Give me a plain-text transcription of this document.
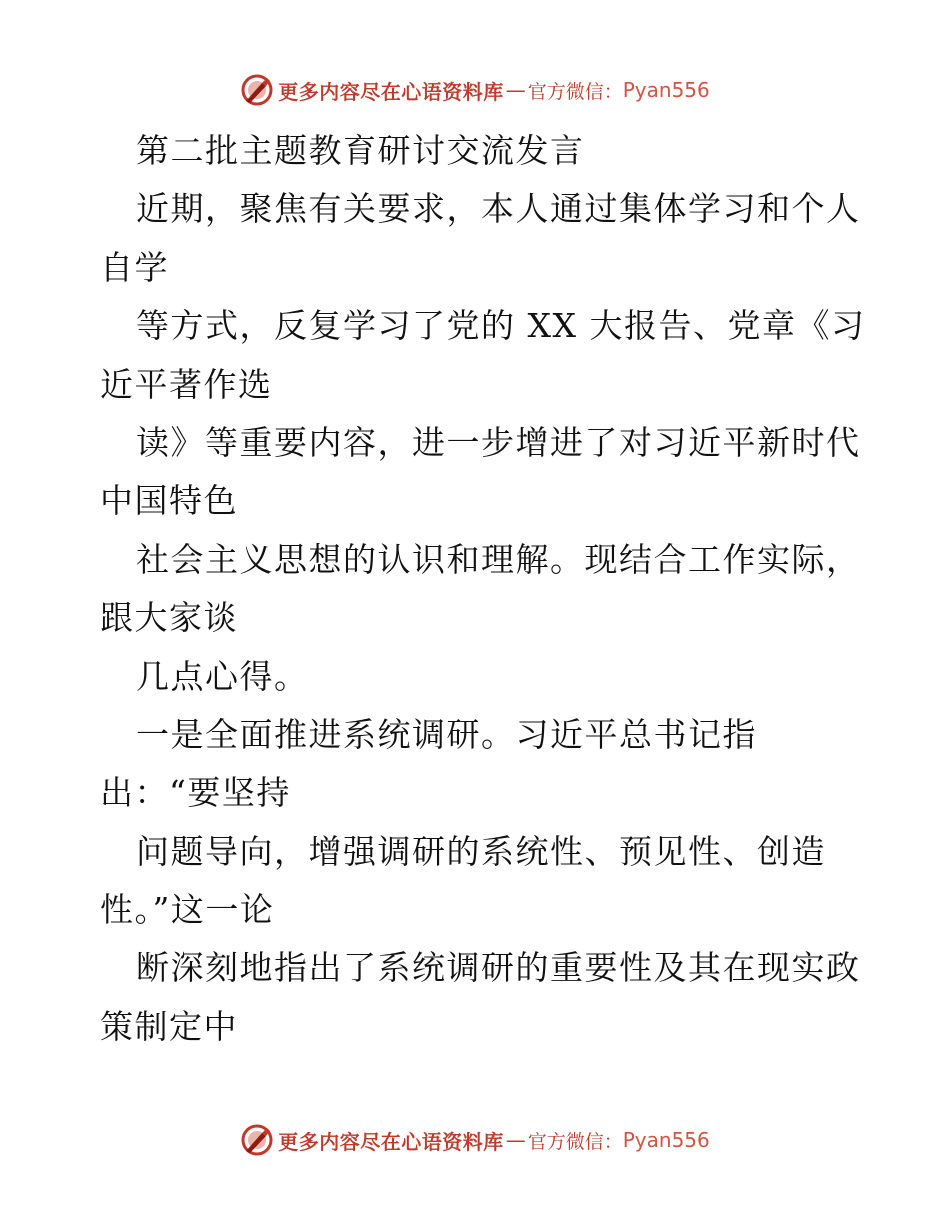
更多内容尽在心语资料库 — 官方微信： Pyan556
第二批主题教育研讨交流发言
近期，聚焦有关要求，本人通过集体学习和个人
自学
等方式，反复学习了党的 XX 大报告、党章《习
近平著作选
读》等重要内容，进一步增进了对习近平新时代
中国特色
社会主义思想的认识和理解。现结合工作实际，
跟大家谈
几点心得。
一是全面推进系统调研。习近平总书记指
出：“要坚持
问题导向，增强调研的系统性、预见性、创造
性。”这一论
断深刻地指出了系统调研的重要性及其在现实政
策制定中
更多内容尽在心语资料库 — 官方微信： Pyan556
